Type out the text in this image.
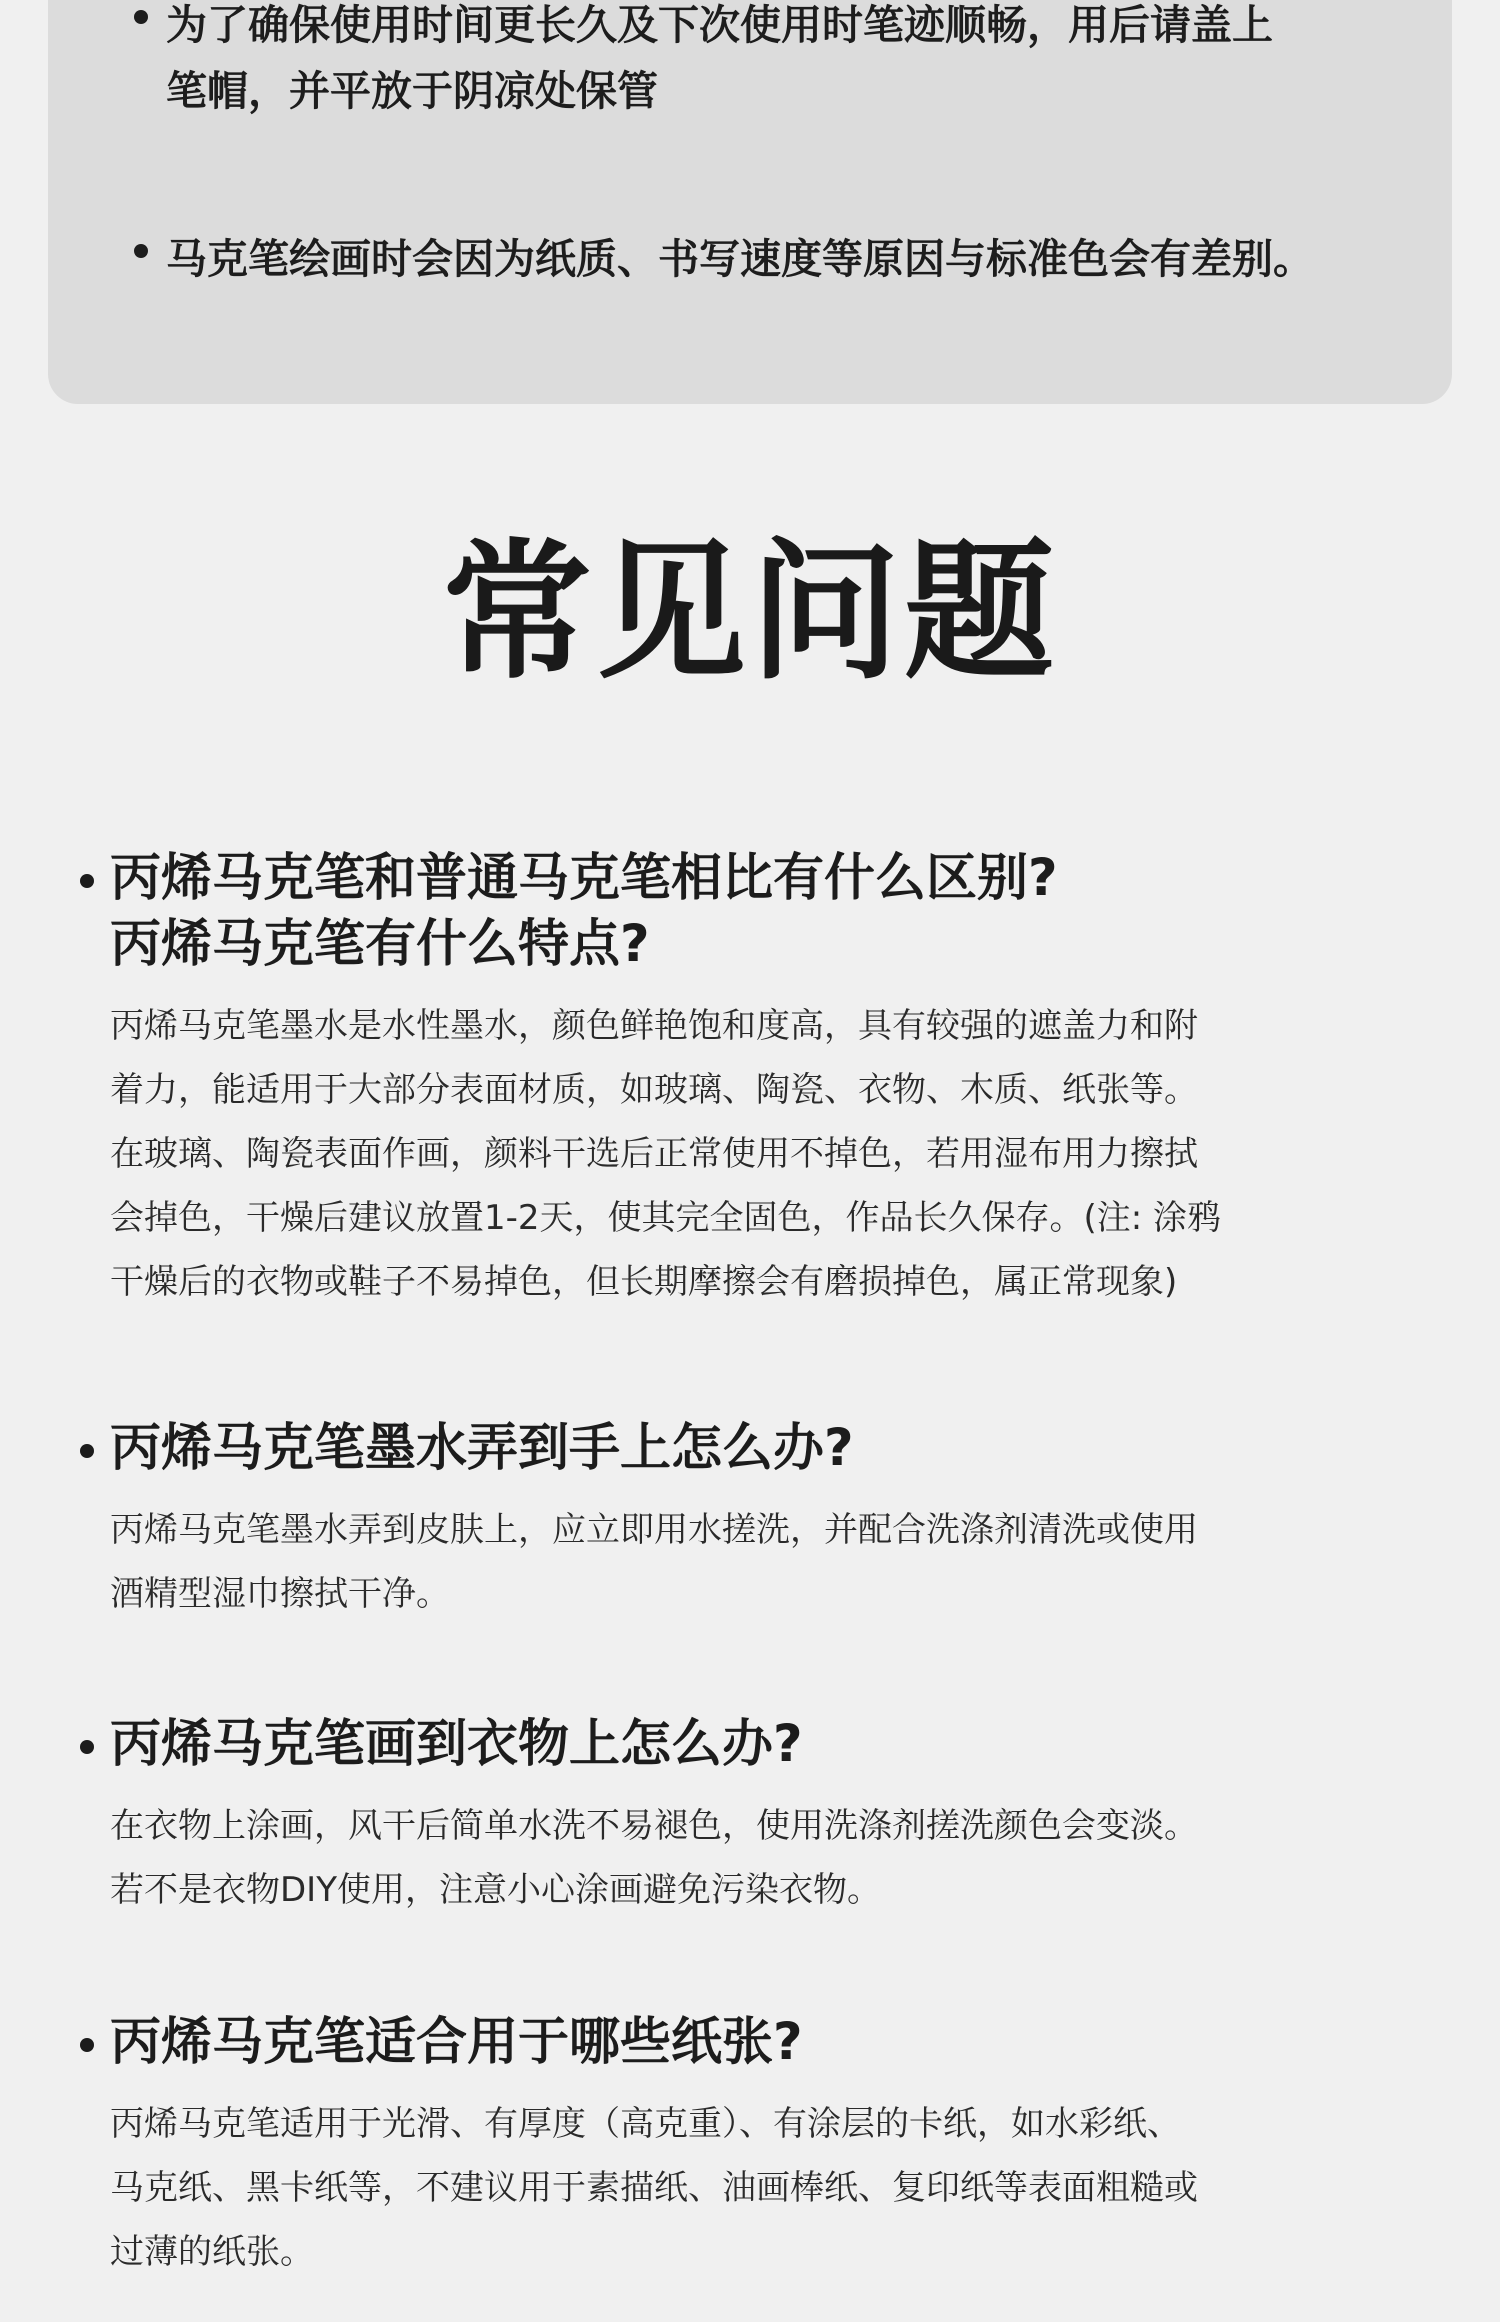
为了确保使用时间更长久及下次使用时笔迹顺畅，用后请盖上
笔帽，并平放于阴凉处保管
马克笔绘画时会因为纸质、书写速度等原因与标准色会有差别。
常见问题
丙烯马克笔和普通马克笔相比有什么区别?
丙烯马克笔有什么特点?
丙烯马克笔墨水是水性墨水，颜色鲜艳饱和度高，具有较强的遮盖力和附
着力，能适用于大部分表面材质，如玻璃、陶瓷、衣物、木质、纸张等。
在玻璃、陶瓷表面作画，颜料干选后正常使用不掉色，若用湿布用力擦拭
会掉色，干燥后建议放置1-2天，使其完全固色，作品长久保存。(注: 涂鸦
干燥后的衣物或鞋子不易掉色，但长期摩擦会有磨损掉色，属正常现象)
丙烯马克笔墨水弄到手上怎么办?
丙烯马克笔墨水弄到皮肤上，应立即用水搓洗，并配合洗涤剂清洗或使用
酒精型湿巾擦拭干净。
丙烯马克笔画到衣物上怎么办?
在衣物上涂画，风干后简单水洗不易褪色，使用洗涤剂搓洗颜色会变淡。
若不是衣物DIY使用，注意小心涂画避免污染衣物。
丙烯马克笔适合用于哪些纸张?
丙烯马克笔适用于光滑、有厚度（高克重）、有涂层的卡纸，如水彩纸、
马克纸、黑卡纸等，不建议用于素描纸、油画棒纸、复印纸等表面粗糙或
过薄的纸张。
